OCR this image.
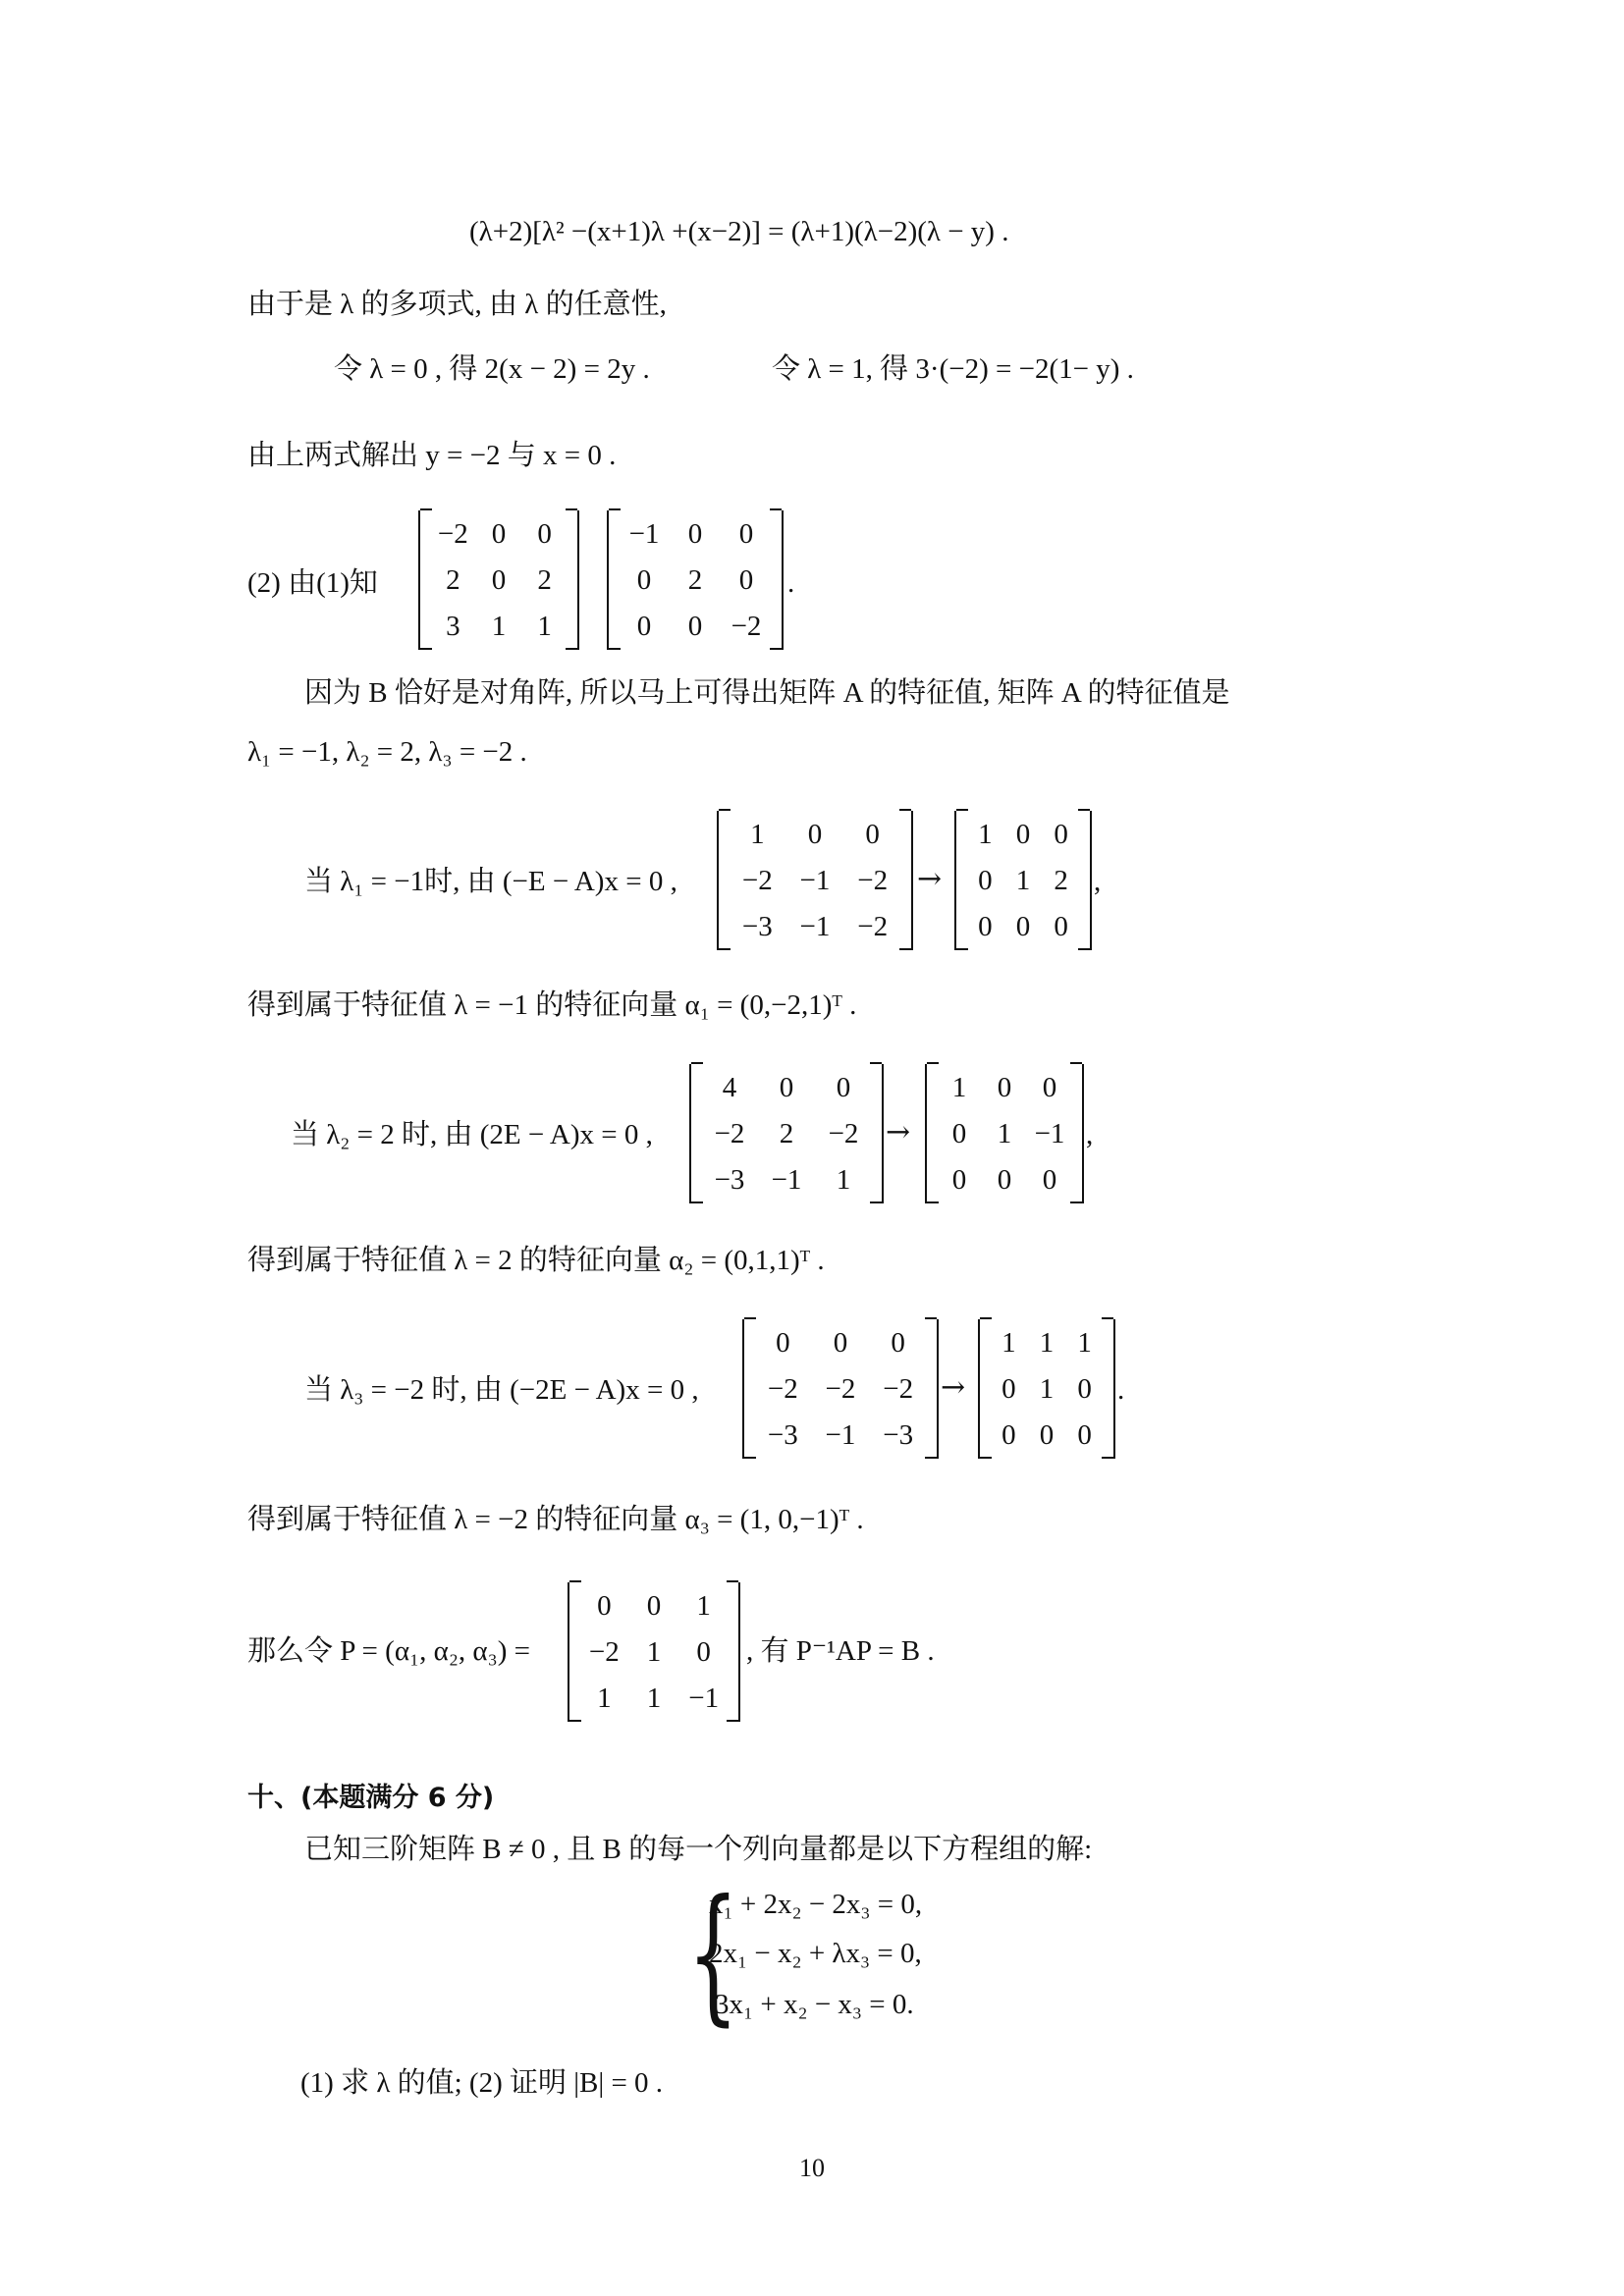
(λ+2)[λ² −(x+1)λ +(x−2)] = (λ+1)(λ−2)(λ − y) .
由于是 λ 的多项式, 由 λ 的任意性,
令 λ = 0 , 得 2(x − 2) = 2y .	令 λ = 1, 得 3·(−2) = −2(1− y) .
由上两式解出 y = −2 与 x = 0 .
(2) 由(1)知
−2 0	0
2	0	2
3	1	1
−1	0	0
0	2	0
0	0	−2
.
因为 B 恰好是对角阵, 所以马上可得出矩阵 A 的特征值, 矩阵 A 的特征值是
λ₁ = −1, λ₂ = 2, λ₃ = −2 .
当 λ₁ = −1时, 由 (−E − A)x = 0 ,
1	0	0
−2 −1 −2
−3 −1 −2
→
1 0 0
0 1 2
0 0 0
,
得到属于特征值 λ = −1 的特征向量 α₁ = (0,−2,1)ᵀ .
当 λ₂ = 2 时, 由 (2E − A)x = 0 ,
4	0	0
−2	2	−2
−3 −1	1
→
1	0	0
0	1 −1
0	0	0
,
得到属于特征值 λ = 2 的特征向量 α₂ = (0,1,1)ᵀ .
当 λ₃ = −2 时, 由 (−2E − A)x = 0 ,
0	0	0
−2 −2 −2
−3 −1 −3
→
1 1 1
0 1 0
0 0 0
.
得到属于特征值 λ = −2 的特征向量 α₃ = (1, 0,−1)ᵀ .
那么令 P = (α₁, α₂, α₃) =
0	0	1
−2 1	0
1	1 −1
, 有 P⁻¹AP = B .
十、(本题满分 6 分)
已知三阶矩阵 B ≠ 0 , 且 B 的每一个列向量都是以下方程组的解:
{
x₁ + 2x₂ − 2x₃ = 0,
2x₁ − x₂ + λx₃ = 0,
3x₁ + x₂ − x₃ = 0.
(1) 求 λ 的值; (2) 证明 |B| = 0 .
10
